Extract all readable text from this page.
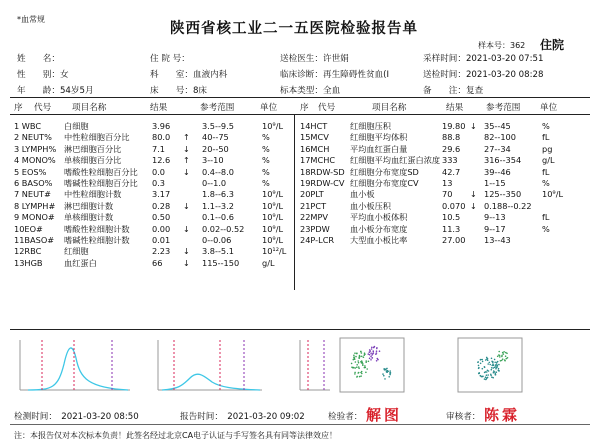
*血常规
陕西省核工业二一五医院检验报告单
样本号：362 住院
姓　　名：
性　　别：女
年　　龄：54岁5月
住 院 号：
科　　室：血液内科
床　　号：8床
送检医生：许世娟
临床诊断：再生障碍性贫血(I
标本类型：全血
采样时间：2021-03-20 07:51
送检时间：2021-03-20 08:28
备　　注：复查
序 代号 项目名称	结果	参考范围	单位	序 代号	项目名称	结果	参考范围 单位
1 WBC	白细胞	3.96	3.5--9.5	10⁹/L
2 NEUT% 中性粒细胞百分比	80.0 ↑ 40--75	%
3 LYMPH% 淋巴细胞百分比	7.1 ↓ 20--50	%
4 MONO% 单核细胞百分比	12.6 ↑ 3--10	%
5 EOS% 嗜酸性粒细胞百分比 0.0 ↓ 0.4--8.0	%
6 BASO% 嗜碱性粒细胞百分比 0.3	0--1.0	%
7 NEUT# 中性粒细胞计数	3.17	1.8--6.3	10⁹/L
8 LYMPH# 淋巴细胞计数	0.28 ↓ 1.1--3.2	10⁹/L
9 MONO# 单核细胞计数	0.50	0.1--0.6	10⁹/L
10EO#	嗜酸性粒细胞计数	0.00 ↓ 0.02--0.52 10⁹/L
11BASO# 嗜碱性粒细胞计数	0.01	0--0.06	10⁹/L
12RBC	红细胞	2.23 ↓ 3.8--5.1	10¹²/L
13HGB	血红蛋白	66	↓ 115--150	g/L
14HCT	红细胞压积	19.80 ↓ 35--45	%
15MCV	红细胞平均体积	88.8	82--100	fL
16MCH	平均血红蛋白量	29.6	27--34	pg
17MCHC 红细胞平均血红蛋白浓度 333	316--354	g/L
18RDW-SD 红细胞分布宽度SD	42.7	39--46	fL
19RDW-CV 红细胞分布宽度CV	13	1--15	%
20PLT	血小板	70 ↓ 125--350	10⁹/L
21PCT	血小板压积	0.070 ↓ 0.188--0.22
22MPV	平均血小板体积	10.5	9--13	fL
23PDW 血小板分布宽度	11.3	9--17	%
24P-LCR 大型血小板比率	27.00 13--43
检测时间：　2021-03-20 08:50	报告时间：　2021-03-20 09:02	检验者： 解图	审核者： 陈霖
注：本报告仅对本次标本负责！此签名经过北京CA电子认证与手写签名具有同等法律效应！
